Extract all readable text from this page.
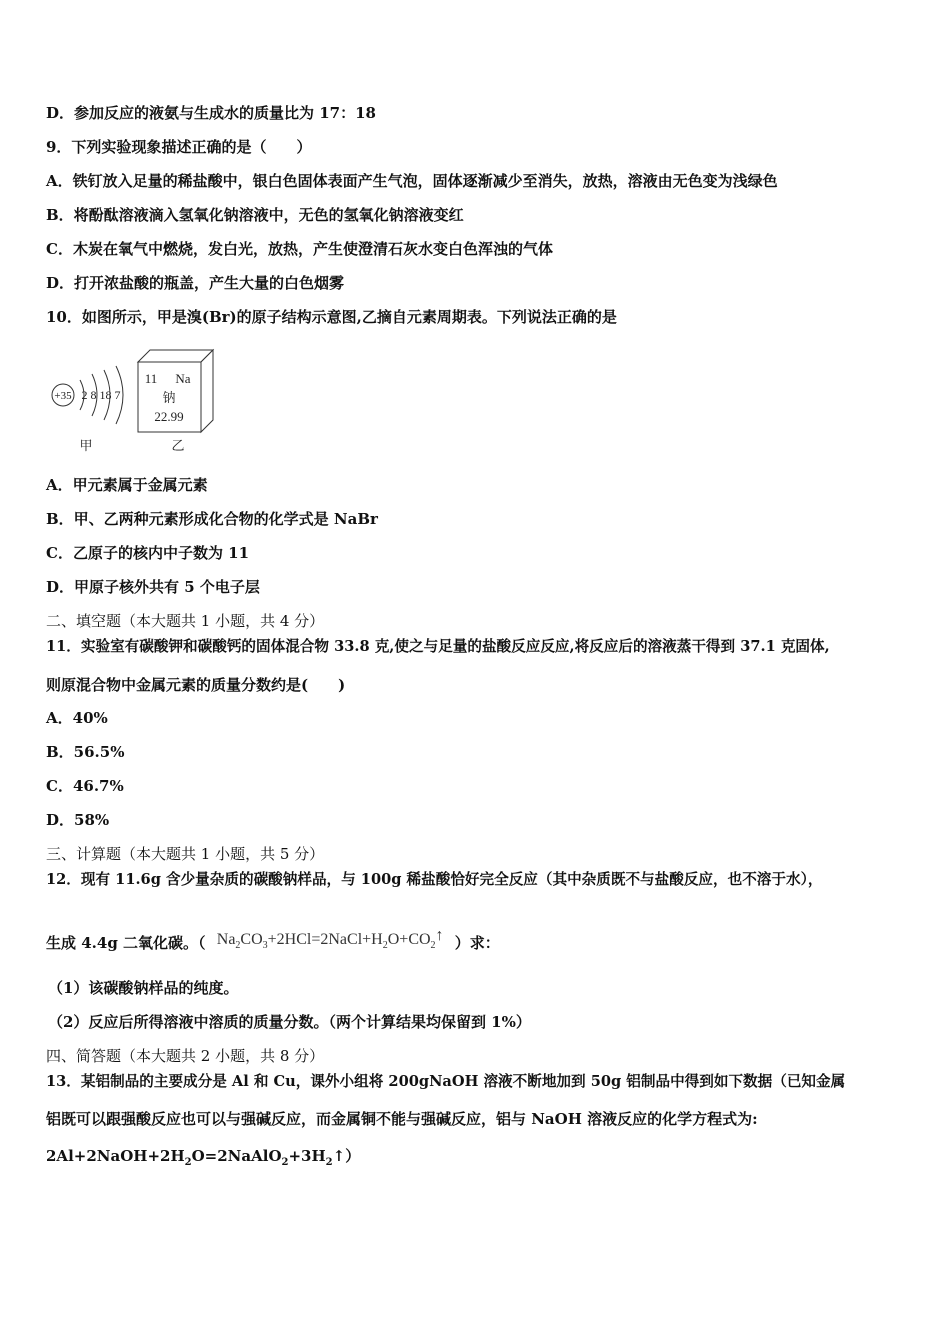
D．参加反应的液氨与生成水的质量比为 17：18
9．下列实验现象描述正确的是（　　）
A．铁钉放入足量的稀盐酸中，银白色固体表面产生气泡，固体逐渐减少至消失，放热，溶液由无色变为浅绿色
B．将酚酞溶液滴入氢氧化钠溶液中，无色的氢氧化钠溶液变红
C．木炭在氧气中燃烧，发白光，放热，产生使澄清石灰水变白色浑浊的气体
D．打开浓盐酸的瓶盖，产生大量的白色烟雾
10．如图所示，甲是溴(Br)的原子结构示意图,乙摘自元素周期表。下列说法正确的是
+35 2 8 18 7
甲
11 Na
钠
22.99
乙
A．甲元素属于金属元素
B．甲、乙两种元素形成化合物的化学式是 NaBr
C．乙原子的核内中子数为 11
D．甲原子核外共有 5 个电子层
二、填空题（本大题共 1 小题，共 4 分）
11．实验室有碳酸钾和碳酸钙的固体混合物 33.8 克,使之与足量的盐酸反应反应,将反应后的溶液蒸干得到 37.1 克固体,
则原混合物中金属元素的质量分数约是(　　)
A．40%
B．56.5%
C．46.7%
D．58%
三、计算题（本大题共 1 小题，共 5 分）
12．现有 11.6g 含少量杂质的碳酸钠样品，与 100g 稀盐酸恰好完全反应（其中杂质既不与盐酸反应，也不溶于水），
生成 4.4g 二氧化碳。（ $Na_2CO_3+2HCl=2NaCl+H_2O+CO_2↑$ ）求：
（1）该碳酸钠样品的纯度。
（2）反应后所得溶液中溶质的质量分数。（两个计算结果均保留到 1%）
四、简答题（本大题共 2 小题，共 8 分）
13．某铝制品的主要成分是 Al 和 Cu，课外小组将 200gNaOH 溶液不断地加到 50g 铝制品中得到如下数据（已知金属
铝既可以跟强酸反应也可以与强碱反应，而金属铜不能与强碱反应，铝与 NaOH 溶液反应的化学方程式为:
$2Al+2NaOH+2H_2O=2NaAlO_2+3H_2↑$）
